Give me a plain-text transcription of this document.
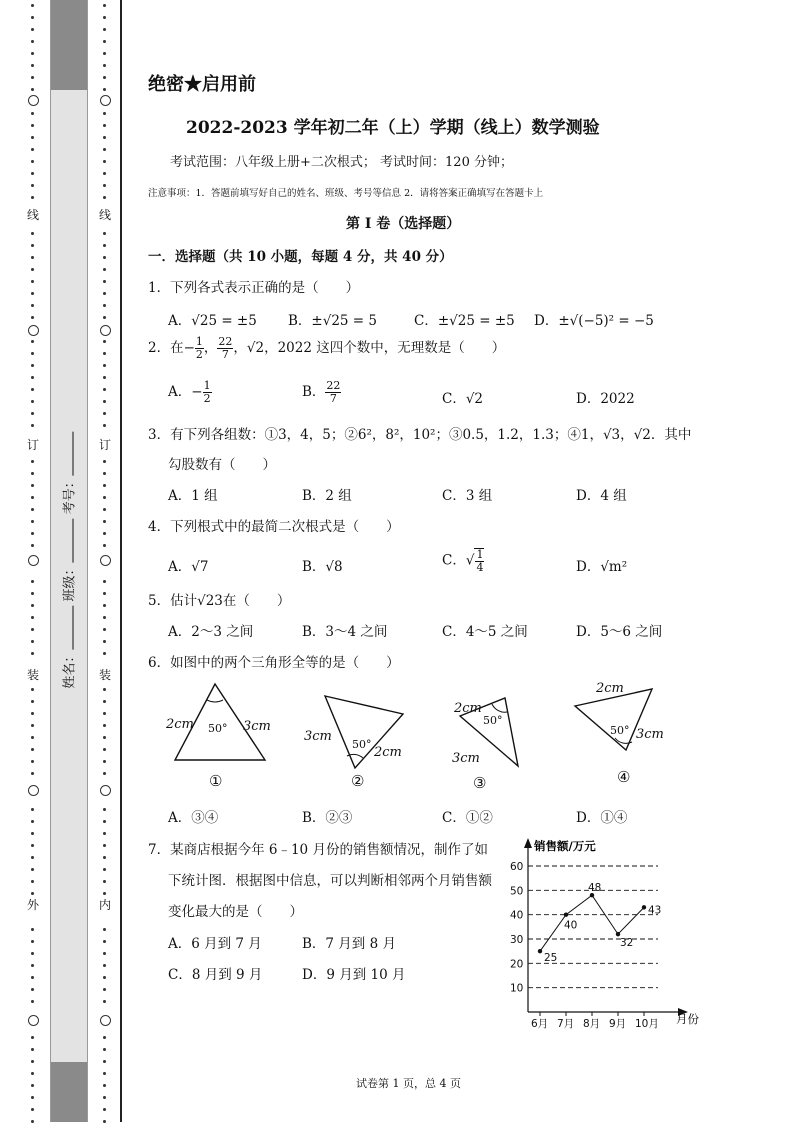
线
订
装
外
姓名： 班级： 考号：
线
订
装
内
绝密★启用前
2022-2023 学年初二年（上）学期（线上）数学测验
考试范围：八年级上册+二次根式； 考试时间：120 分钟；
注意事项：1．答题前填写好自己的姓名、班级、考号等信息 2．请将答案正确填写在答题卡上
第 I 卷（选择题）
一．选择题（共 10 小题，每题 4 分，共 40 分）
1．下列各式表示正确的是（　　）
A．√25 = ±5 B．±√25 = 5	C．±√25 = ±5 D．±√(−5)² = −5
2．在− $\frac{1}{2}$ ， $\frac{22}{7}$ ，√2，2022 这四个数中，无理数是（　　）
A．− $\frac{1}{2}$	B． $\frac{22}{7}$	C．√2	D．2022
3．有下列各组数：①3，4，5；②6²，8²，10²；③0.5，1.2，1.3；④1，√3，√2．其中
勾股数有（　　）
A．1 组	B．2 组	C．3 组	D．4 组
4．下列根式中的最简二次根式是（　　）
A．√7	B．√8	C．√ $\frac{1}{4}$	D．√m²
5．估计√23在（　　）
A．2～3 之间	B．3～4 之间	C．4～5 之间	D．5～6 之间
6．如图中的两个三角形全等的是（　　）
2cm	3cm
50°
①
3cm
2cm
50°
②
2cm
3cm
50°
③
2cm
3cm
50°
④
A．③④	B．②③	C．①②	D．①④
7．某商店根据今年 6﹣10 月份的销售额情况，制作了如
下统计图．根据图中信息，可以判断相邻两个月销售额
变化最大的是（　　）
A．6 月到 7 月	B．7 月到 8 月
C．8 月到 9 月	D．9 月到 10 月
销售额/万元
月份
10
20
30
40
50
60
6月 7月 8月 9月 10月
25
40
48
32
43
试卷第 1 页，总 4 页
